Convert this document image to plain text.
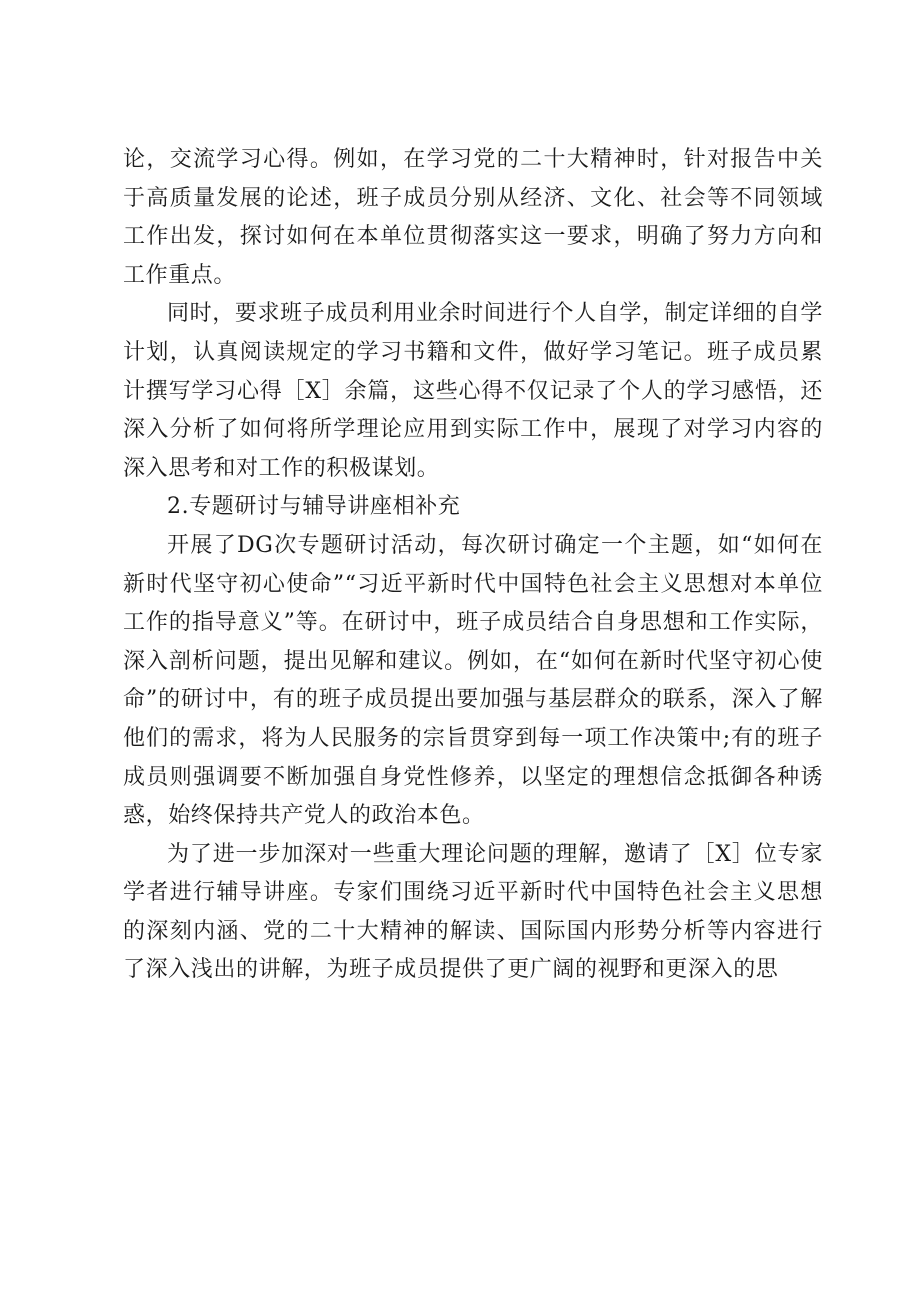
论，交流学习心得。例如，在学习党的二十大精神时，针对报告中关于高质量发展的论述，班子成员分别从经济、文化、社会等不同领域工作出发，探讨如何在本单位贯彻落实这一要求，明确了努力方向和工作重点。

同时，要求班子成员利用业余时间进行个人自学，制定详细的自学计划，认真阅读规定的学习书籍和文件，做好学习笔记。班子成员累计撰写学习心得［X］余篇，这些心得不仅记录了个人的学习感悟，还深入分析了如何将所学理论应用到实际工作中，展现了对学习内容的深入思考和对工作的积极谋划。

2.专题研讨与辅导讲座相补充

开展了DG次专题研讨活动，每次研讨确定一个主题，如“如何在新时代坚守初心使命”“习近平新时代中国特色社会主义思想对本单位工作的指导意义”等。在研讨中，班子成员结合自身思想和工作实际，深入剖析问题，提出见解和建议。例如，在“如何在新时代坚守初心使命”的研讨中，有的班子成员提出要加强与基层群众的联系，深入了解他们的需求，将为人民服务的宗旨贯穿到每一项工作决策中;有的班子成员则强调要不断加强自身党性修养，以坚定的理想信念抵御各种诱惑，始终保持共产党人的政治本色。

为了进一步加深对一些重大理论问题的理解，邀请了［X］位专家学者进行辅导讲座。专家们围绕习近平新时代中国特色社会主义思想的深刻内涵、党的二十大精神的解读、国际国内形势分析等内容进行了深入浅出的讲解，为班子成员提供了更广阔的视野和更深入的思
